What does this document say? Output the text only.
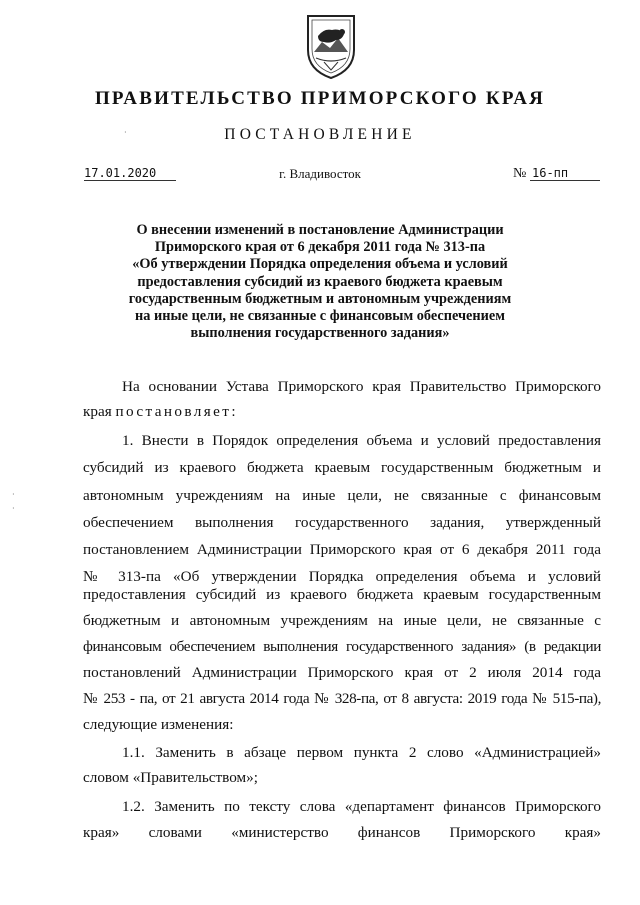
ПРАВИТЕЛЬСТВО ПРИМОРСКОГО КРАЯ
ПОСТАНОВЛЕНИЕ
17.01.2020	г. Владивосток	№ 16-пп
О внесении изменений в постановление Администрации
Приморского края от 6 декабря 2011 года № 313-па
«Об утверждении Порядка определения объема и условий
предоставления субсидий из краевого бюджета краевым
государственным бюджетным и автономным учреждениям
на иные цели, не связанные с финансовым обеспечением
выполнения государственного задания»
На основании Устава Приморского края Правительство Приморского
края постановляет:
1. Внести в Порядок определения объема и условий предоставления
субсидий из краевого бюджета краевым государственным бюджетным и
автономным учреждениям на иные цели, не связанные с финансовым
обеспечением выполнения государственного задания, утвержденный
постановлением Администрации Приморского края от 6 декабря 2011 года
№ 313-па «Об утверждении Порядка определения объема и условий
предоставления субсидий из краевого бюджета краевым государственным
бюджетным и автономным учреждениям на иные цели, не связанные с
финансовым обеспечением выполнения государственного задания» (в редакции
постановлений Администрации Приморского края от 2 июля 2014 года
№ 253 - па, от 21 августа 2014 года № 328-па, от 8 августа: 2019 года № 515-па),
следующие изменения:
1.1. Заменить в абзаце первом пункта 2 слово «Администрацией»
словом «Правительством»;
1.2. Заменить по тексту слова «департамент финансов Приморского
края» словами «министерство финансов Приморского края»
·
·
·
